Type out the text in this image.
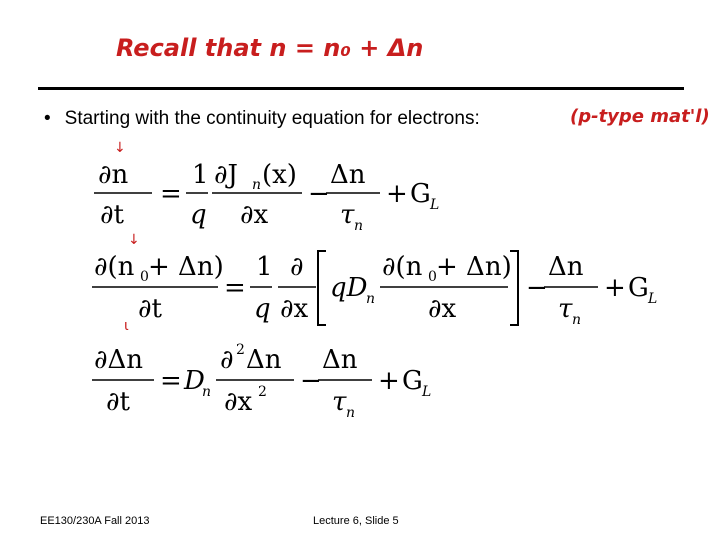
Recall that n = n₀ + Δn
• Starting with the continuity equation for electrons:	(p-type mat'l)
↓
↓
ι
∂n
∂t
=
1
q
∂J n (x)
∂x
−
Δn
τ n
+ G L
∂(n 0 + Δn)
∂t
=
1
q
∂
∂x
qD
n
∂(n 0 + Δn)
∂x
−
Δn
τ n
+ G L
∂Δn
∂t
= D
n
∂ 2 Δn
∂x 2 −
Δn
τ n
+ G L
EE130/230A Fall 2013	Lecture 6, Slide 5
